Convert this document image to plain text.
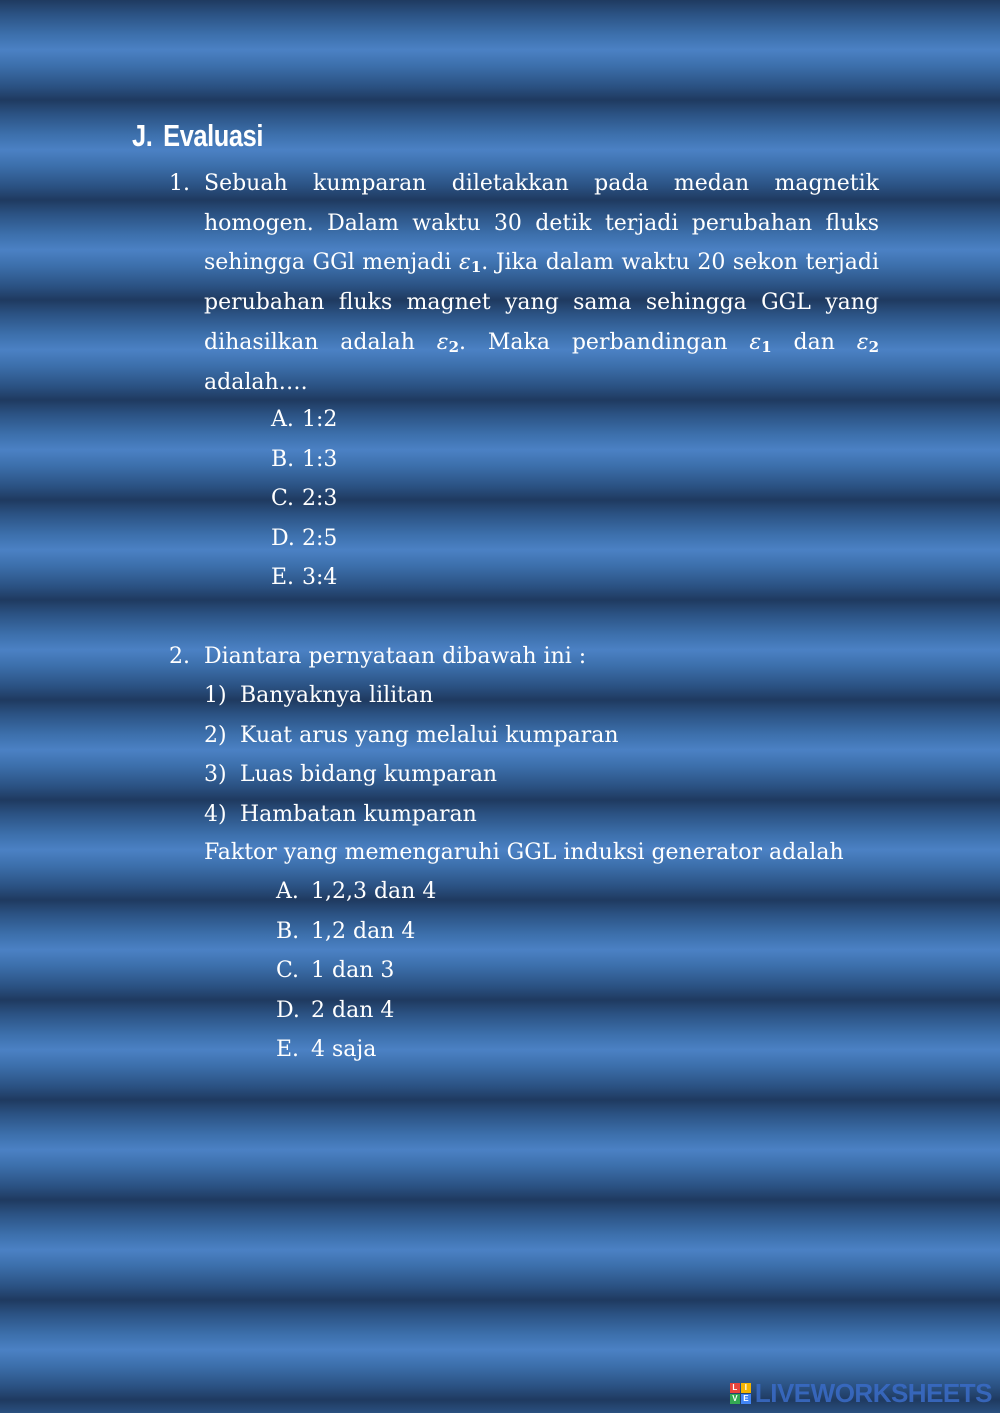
J. Evaluasi
1. Sebuah kumparan diletakkan pada medan magnetik
homogen. Dalam waktu 30 detik terjadi perubahan fluks
sehingga GGl menjadi $\varepsilon_1$. Jika dalam waktu 20 sekon terjadi
perubahan fluks magnet yang sama sehingga GGL yang
dihasilkan adalah $\varepsilon_2$. Maka perbandingan $\varepsilon_1$ dan $\varepsilon_2$
adalah….
A. 1:2
B. 1:3
C. 2:3
D. 2:5
E. 3:4
2. Diantara pernyataan dibawah ini :

1) Banyaknya lilitan
2) Kuat arus yang melalui kumparan
3) Luas bidang kumparan
4) Hambatan kumparan

Faktor yang memengaruhi GGL induksi generator adalah

A. 1,2,3 dan 4
B. 1,2 dan 4
C. 1 dan 3
D. 2 dan 4
E. 4 saja
L I
V E LIVEWORKSHEETS
